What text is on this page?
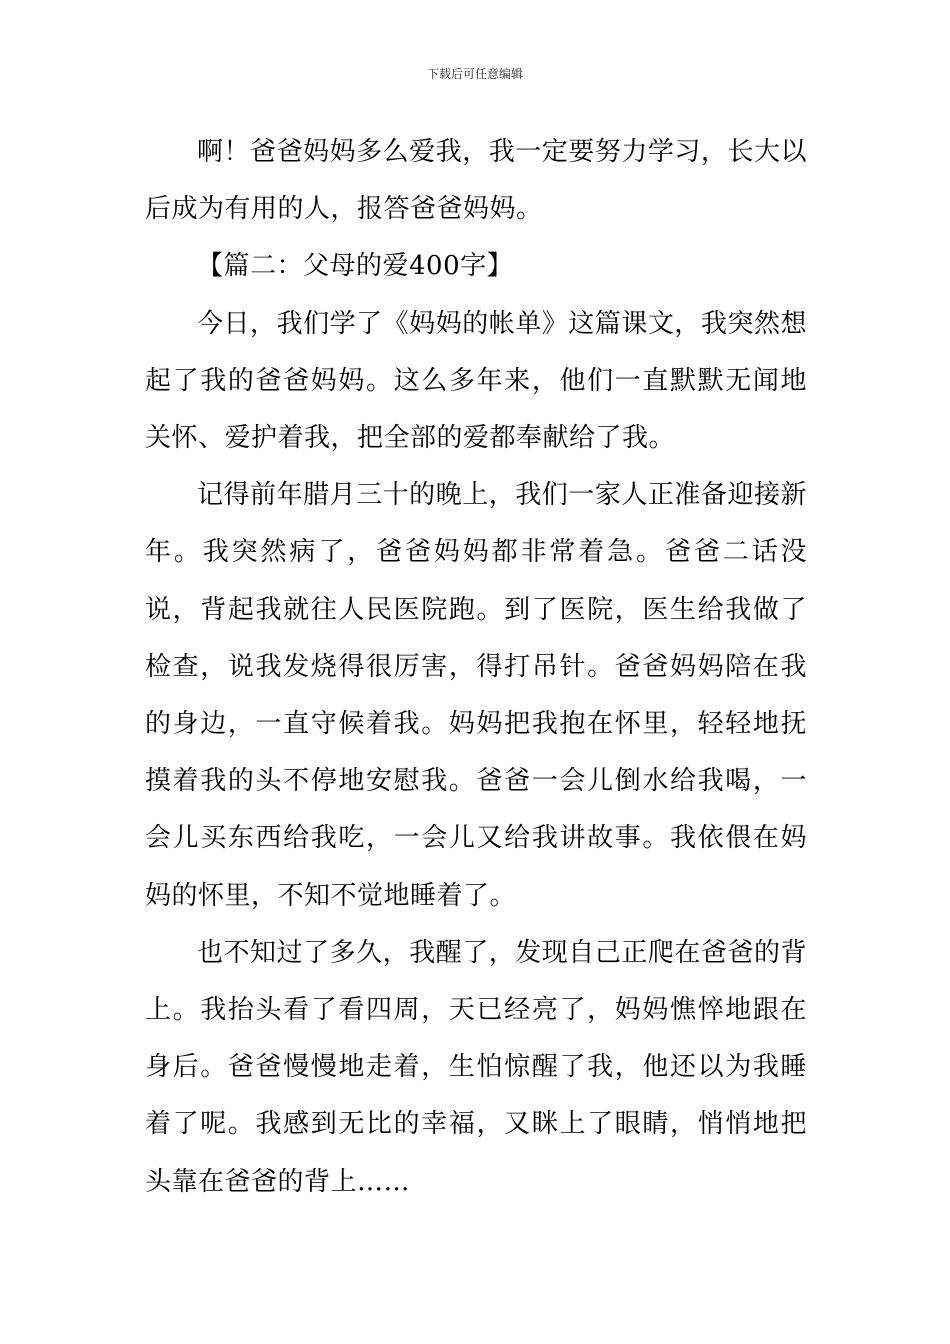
下载后可任意编辑

啊！爸爸妈妈多么爱我，我一定要努力学习，长大以后成为有用的人，报答爸爸妈妈。

【篇二：父母的爱400字】

今日，我们学了《妈妈的帐单》这篇课文，我突然想起了我的爸爸妈妈。这么多年来，他们一直默默无闻地关怀、爱护着我，把全部的爱都奉献给了我。

记得前年腊月三十的晚上，我们一家人正准备迎接新年。我突然病了，爸爸妈妈都非常着急。爸爸二话没说，背起我就往人民医院跑。到了医院，医生给我做了检查，说我发烧得很厉害，得打吊针。爸爸妈妈陪在我的身边，一直守候着我。妈妈把我抱在怀里，轻轻地抚摸着我的头不停地安慰我。爸爸一会儿倒水给我喝，一会儿买东西给我吃，一会儿又给我讲故事。我依偎在妈妈的怀里，不知不觉地睡着了。

也不知过了多久，我醒了，发现自己正爬在爸爸的背上。我抬头看了看四周，天已经亮了，妈妈憔悴地跟在身后。爸爸慢慢地走着，生怕惊醒了我，他还以为我睡着了呢。我感到无比的幸福，又眯上了眼睛，悄悄地把头靠在爸爸的背上……
